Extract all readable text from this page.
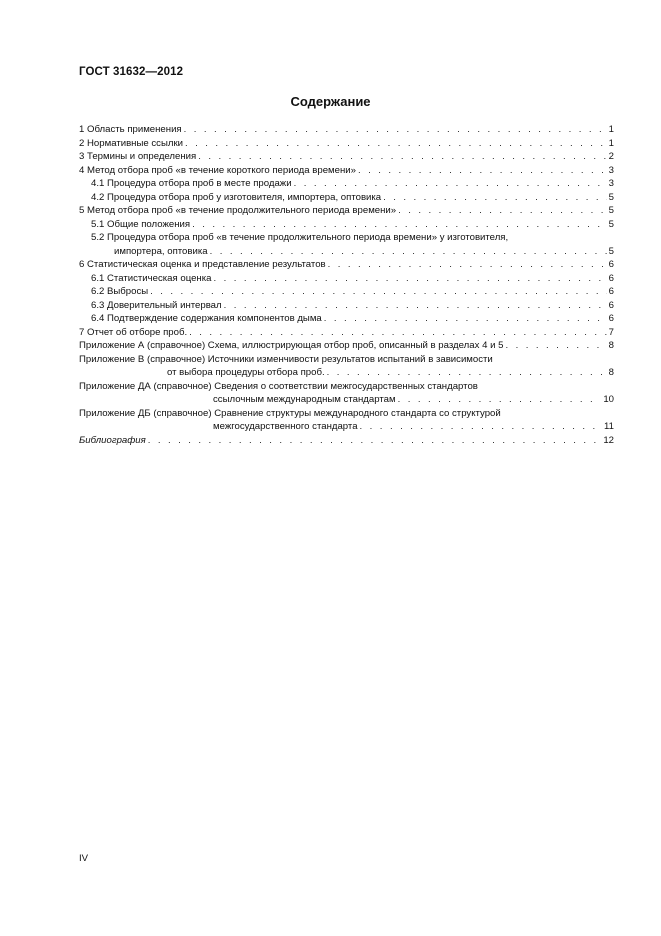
ГОСТ 31632—2012
Содержание
1 Область применения . . .	1
2 Нормативные ссылки . . .	1
3 Термины и определения . . .	2
4 Метод отбора проб «в течение короткого периода времени» . . .	3
4.1 Процедура отбора проб в месте продажи . . .	3
4.2 Процедура отбора проб у изготовителя, импортера, оптовика . . .	5
5 Метод отбора проб «в течение продолжительного периода времени» . . .	5
5.1 Общие положения . . .	5
5.2 Процедура отбора проб «в течение продолжительного периода времени» у изготовителя,
импортера, оптовика . . .	5
6 Статистическая оценка и представление результатов . . .	6
6.1 Статистическая оценка . . .	6
6.2 Выбросы . . .	6
6.3 Доверительный интервал . . .	6
6.4 Подтверждение содержания компонентов дыма . . .	6
7 Отчет об отборе проб. . . .	7
Приложение А (справочное) Схема, иллюстрирующая отбор проб, описанный в разделах 4 и 5 . . .	8
Приложение В (справочное) Источники изменчивости результатов испытаний в зависимости
от выбора процедуры отбора проб. . . .	8
Приложение ДА (справочное) Сведения о соответствии межгосударственных стандартов
ссылочным международным стандартам . . .	10
Приложение ДБ (справочное) Сравнение структуры международного стандарта со структурой
межгосударственного стандарта . . .	11
Библиография . . .	12
IV
